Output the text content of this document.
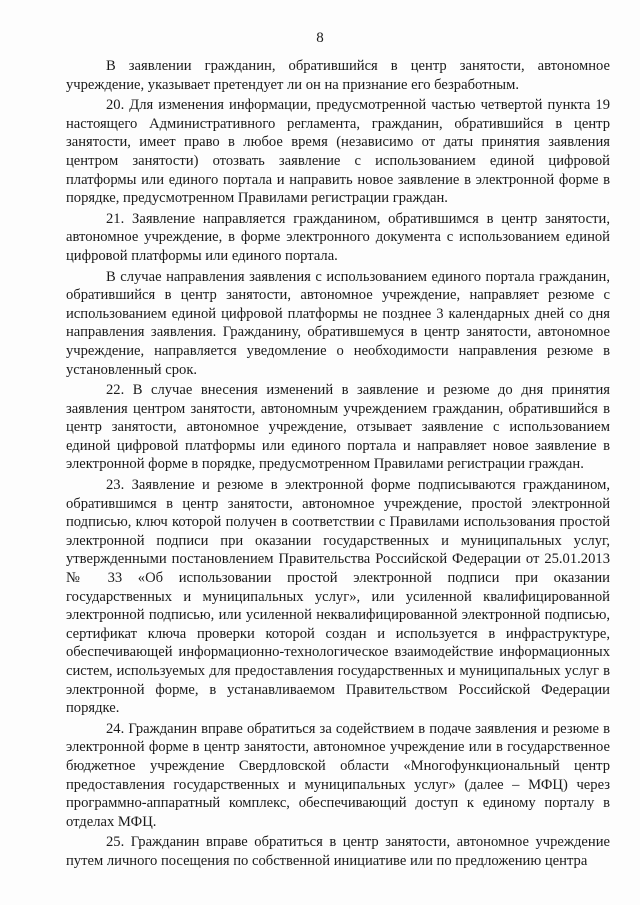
8

В заявлении гражданин, обратившийся в центр занятости, автономное учреждение, указывает претендует ли он на признание его безработным.

20. Для изменения информации, предусмотренной частью четвертой пункта 19 настоящего Административного регламента, гражданин, обратившийся в центр занятости, имеет право в любое время (независимо от даты принятия заявления центром занятости) отозвать заявление с использованием единой цифровой платформы или единого портала и направить новое заявление в электронной форме в порядке, предусмотренном Правилами регистрации граждан.

21. Заявление направляется гражданином, обратившимся в центр занятости, автономное учреждение, в форме электронного документа с использованием единой цифровой платформы или единого портала.

В случае направления заявления с использованием единого портала гражданин, обратившийся в центр занятости, автономное учреждение, направляет резюме с использованием единой цифровой платформы не позднее 3 календарных дней со дня направления заявления. Гражданину, обратившемуся в центр занятости, автономное учреждение, направляется уведомление о необходимости направления резюме в установленный срок.

22. В случае внесения изменений в заявление и резюме до дня принятия заявления центром занятости, автономным учреждением гражданин, обратившийся в центр занятости, автономное учреждение, отзывает заявление с использованием единой цифровой платформы или единого портала и направляет новое заявление в электронной форме в порядке, предусмотренном Правилами регистрации граждан.

23. Заявление и резюме в электронной форме подписываются гражданином, обратившимся в центр занятости, автономное учреждение, простой электронной подписью, ключ которой получен в соответствии с Правилами использования простой электронной подписи при оказании государственных и муниципальных услуг, утвержденными постановлением Правительства Российской Федерации от 25.01.2013 № 33 «Об использовании простой электронной подписи при оказании государственных и муниципальных услуг», или усиленной квалифицированной электронной подписью, или усиленной неквалифицированной электронной подписью, сертификат ключа проверки которой создан и используется в инфраструктуре, обеспечивающей информационно-технологическое взаимодействие информационных систем, используемых для предоставления государственных и муниципальных услуг в электронной форме, в устанавливаемом Правительством Российской Федерации порядке.

24. Гражданин вправе обратиться за содействием в подаче заявления и резюме в электронной форме в центр занятости, автономное учреждение или в государственное бюджетное учреждение Свердловской области «Многофункциональный центр предоставления государственных и муниципальных услуг» (далее – МФЦ) через программно-аппаратный комплекс, обеспечивающий доступ к единому порталу в отделах МФЦ.

25. Гражданин вправе обратиться в центр занятости, автономное учреждение путем личного посещения по собственной инициативе или по предложению центра
